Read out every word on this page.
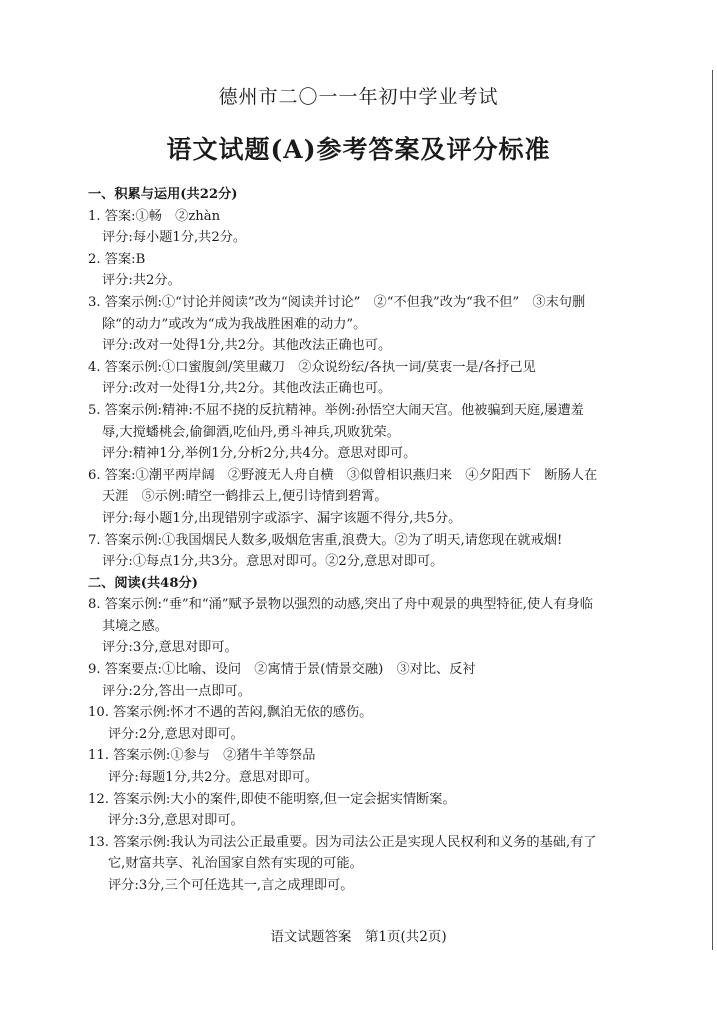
德州市二〇一一年初中学业考试
语文试题(A)参考答案及评分标准
一、积累与运用(共22分)
1. 答案:①畅　②zhàn
评分:每小题1分,共2分。
2. 答案:B
评分:共2分。
3. 答案示例:①“讨论并阅读”改为“阅读并讨论”　②“不但我”改为“我不但”　③末句删
除“的动力”或改为“成为我战胜困难的动力”。
评分:改对一处得1分,共2分。其他改法正确也可。
4. 答案示例:①口蜜腹剑/笑里藏刀　②众说纷纭/各执一词/莫衷一是/各抒己见
评分:改对一处得1分,共2分。其他改法正确也可。
5. 答案示例:精神:不屈不挠的反抗精神。举例:孙悟空大闹天宫。他被骗到天庭,屡遭羞
辱,大搅蟠桃会,偷御酒,吃仙丹,勇斗神兵,巩败犹荣。
评分:精神1分,举例1分,分析2分,共4分。意思对即可。
6. 答案:①潮平两岸阔　②野渡无人舟自横　③似曾相识燕归来　④夕阳西下　断肠人在
天涯　⑤示例:晴空一鹤排云上,便引诗情到碧霄。
评分:每小题1分,出现错别字或添字、漏字该题不得分,共5分。
7. 答案示例:①我国烟民人数多,吸烟危害重,浪费大。②为了明天,请您现在就戒烟!
评分:①每点1分,共3分。意思对即可。②2分,意思对即可。
二、阅读(共48分)
8. 答案示例:“垂”和“涌”赋予景物以强烈的动感,突出了舟中观景的典型特征,使人有身临
其境之感。
评分:3分,意思对即可。
9. 答案要点:①比喻、设问　②寓情于景(情景交融)　③对比、反衬
评分:2分,答出一点即可。
10. 答案示例:怀才不遇的苦闷,飘泊无依的感伤。
评分:2分,意思对即可。
11. 答案示例:①参与　②猪牛羊等祭品
评分:每题1分,共2分。意思对即可。
12. 答案示例:大小的案件,即使不能明察,但一定会据实情断案。
评分:3分,意思对即可。
13. 答案示例:我认为司法公正最重要。因为司法公正是实现人民权利和义务的基础,有了
它,财富共享、礼治国家自然有实现的可能。
评分:3分,三个可任选其一,言之成理即可。
语文试题答案　第1页(共2页)
